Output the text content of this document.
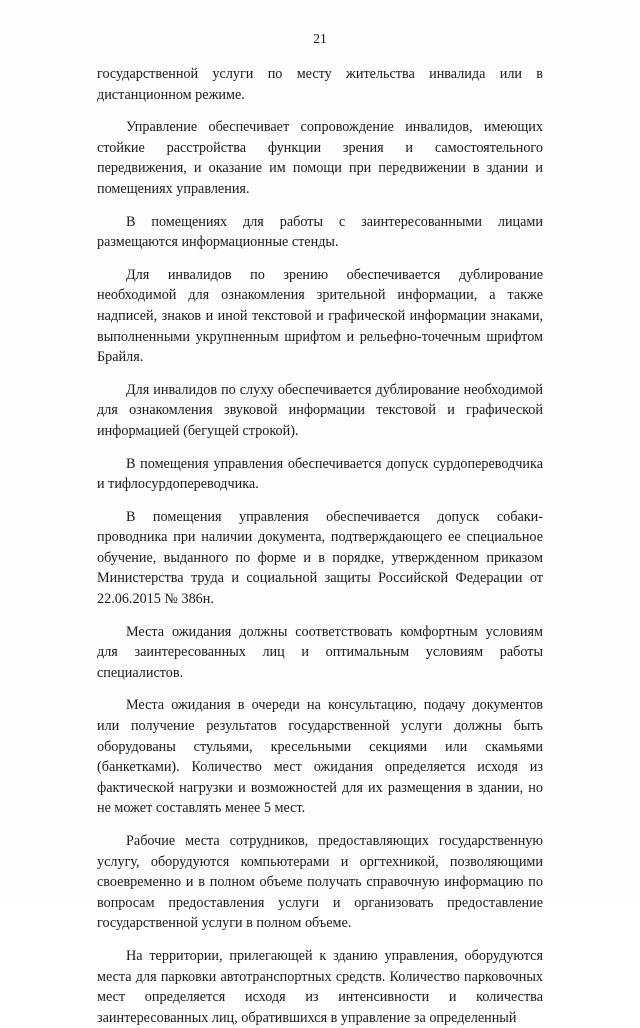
21

государственной услуги по месту жительства инвалида или в дистанционном режиме.

Управление обеспечивает сопровождение инвалидов, имеющих стойкие расстройства функции зрения и самостоятельного передвижения, и оказание им помощи при передвижении в здании и помещениях управления.

В помещениях для работы с заинтересованными лицами размещаются информационные стенды.

Для инвалидов по зрению обеспечивается дублирование необходимой для ознакомления зрительной информации, а также надписей, знаков и иной текстовой и графической информации знаками, выполненными укрупненным шрифтом и рельефно-точечным шрифтом Брайля.

Для инвалидов по слуху обеспечивается дублирование необходимой для ознакомления звуковой информации текстовой и графической информацией (бегущей строкой).

В помещения управления обеспечивается допуск сурдопереводчика и тифлосурдопереводчика.

В помещения управления обеспечивается допуск собаки-проводника при наличии документа, подтверждающего ее специальное обучение, выданного по форме и в порядке, утвержденном приказом Министерства труда и социальной защиты Российской Федерации от 22.06.2015 № 386н.

Места ожидания должны соответствовать комфортным условиям для заинтересованных лиц и оптимальным условиям работы специалистов.

Места ожидания в очереди на консультацию, подачу документов или получение результатов государственной услуги должны быть оборудованы стульями, кресельными секциями или скамьями (банкетками). Количество мест ожидания определяется исходя из фактической нагрузки и возможностей для их размещения в здании, но не может составлять менее 5 мест.

Рабочие места сотрудников, предоставляющих государственную услугу, оборудуются компьютерами и оргтехникой, позволяющими своевременно и в полном объеме получать справочную информацию по вопросам предоставления услуги и организовать предоставление государственной услуги в полном объеме.

На территории, прилегающей к зданию управления, оборудуются места для парковки автотранспортных средств. Количество парковочных мест определяется исходя из интенсивности и количества заинтересованных лиц, обратившихся в управление за определенный
